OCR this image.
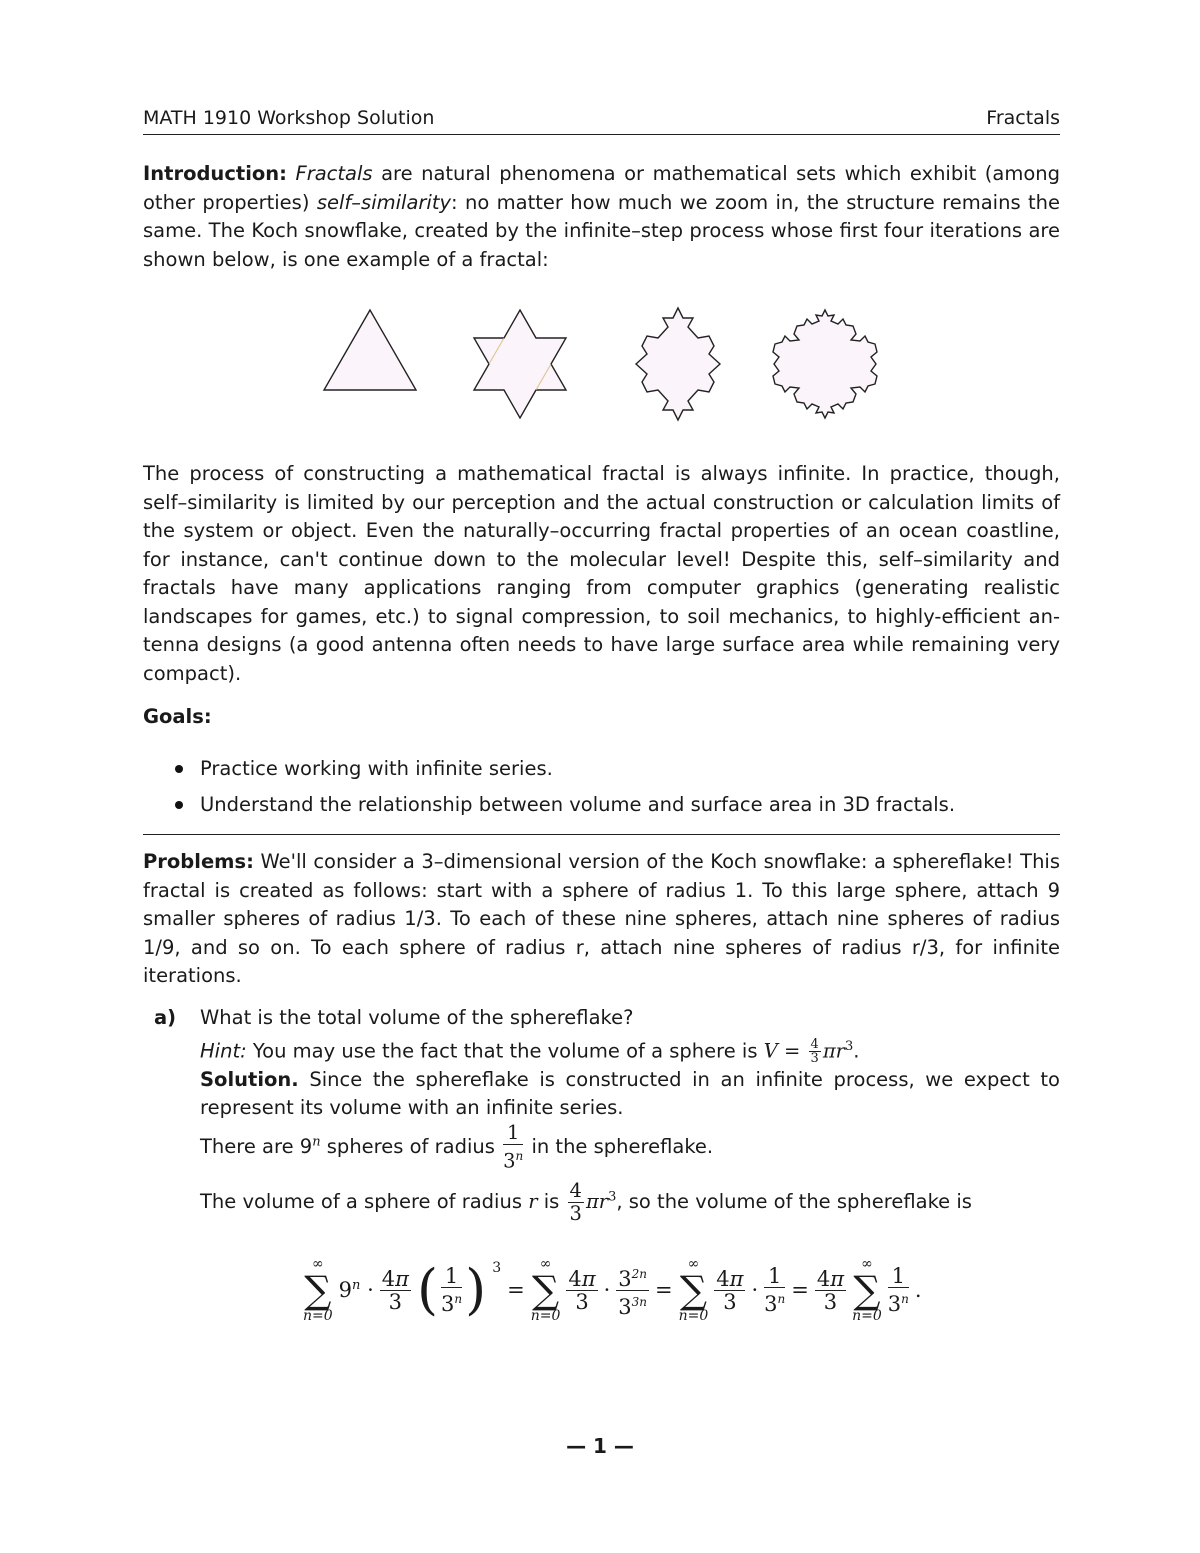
MATH 1910 Workshop Solution	Fractals
Introduction: Fractals are natural phenomena or mathematical sets which exhibit (among other properties) self–similarity: no matter how much we zoom in, the structure remains the same. The Koch snowflake, created by the infinite–step process whose first four iterations are shown below, is one example of a fractal:
The process of constructing a mathematical fractal is always infinite. In practice, though, self–similarity is limited by our perception and the actual construction or calculation limits of the system or object. Even the naturally–occurring fractal properties of an ocean coastline, for instance, can't continue down to the molecular level! Despite this, self–similarity and fractals have many applications ranging from computer graphics (generating realistic landscapes for games, etc.) to signal compression, to soil mechanics, to highly-efficient antenna designs (a good antenna often needs to have large surface area while remaining very compact).
Goals:
Practice working with infinite series.
Understand the relationship between volume and surface area in 3D fractals.
Problems: We'll consider a 3–dimensional version of the Koch snowflake: a sphereflake! This fractal is created as follows: start with a sphere of radius 1. To this large sphere, attach 9 smaller spheres of radius 1/3. To each of these nine spheres, attach nine spheres of radius 1/9, and so on. To each sphere of radius r, attach nine spheres of radius r/3, for infinite iterations.
a) What is the total volume of the sphereflake?
Hint: You may use the fact that the volume of a sphere is $V = \frac{4}{3} \pi r^3$.
Solution. Since the sphereflake is constructed in an infinite process, we expect to represent its volume with an infinite series.
There are 9$^n$ spheres of radius $\frac{1}{3^n}$ in the sphereflake.
The volume of a sphere of radius r is $\frac{4}{3} \pi r^3$, so the volume of the sphereflake is
∞
∑
n=0
$9^n \cdot \frac{4\pi}{3}$ ( $\frac{1}{3^n}$ ) $^3$
=
∞
∑
n=0
$\frac{4\pi}{3} \cdot \frac{3^{2n}}{3^{3n}}$ =
∞
∑
n=0
$\frac{4\pi}{3} \cdot \frac{1}{3^n} = \frac{4\pi}{3}$
∞
∑
n=0
$\frac{1}{3^n}$ .
— 1 —
